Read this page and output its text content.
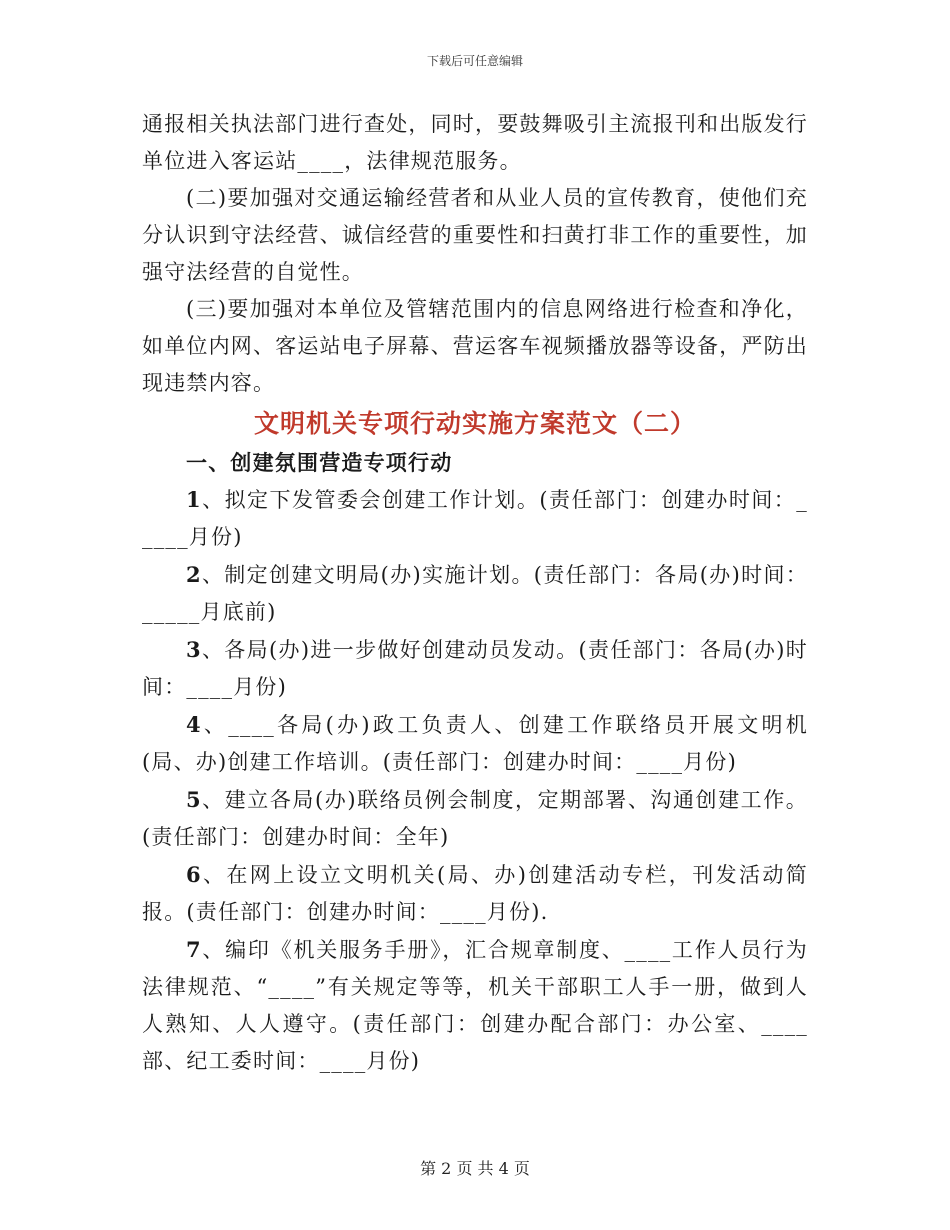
下载后可任意编辑

通报相关执法部门进行查处，同时，要鼓舞吸引主流报刊和出版发行单位进入客运站____，法律规范服务。

(二)要加强对交通运输经营者和从业人员的宣传教育，使他们充分认识到守法经营、诚信经营的重要性和扫黄打非工作的重要性，加强守法经营的自觉性。

(三)要加强对本单位及管辖范围内的信息网络进行检查和净化，如单位内网、客运站电子屏幕、营运客车视频播放器等设备，严防出现违禁内容。

文明机关专项行动实施方案范文（二）

一、创建氛围营造专项行动

1、拟定下发管委会创建工作计划。(责任部门：创建办时间：_____月份)

2、制定创建文明局(办)实施计划。(责任部门：各局(办)时间：_____月底前)

3、各局(办)进一步做好创建动员发动。(责任部门：各局(办)时间：____月份)

4、____各局(办)政工负责人、创建工作联络员开展文明机(局、办)创建工作培训。(责任部门：创建办时间：____月份)

5、建立各局(办)联络员例会制度，定期部署、沟通创建工作。(责任部门：创建办时间：全年)

6、在网上设立文明机关(局、办)创建活动专栏，刊发活动简报。(责任部门：创建办时间：____月份).

7、编印《机关服务手册》，汇合规章制度、____工作人员行为法律规范、“____”有关规定等等，机关干部职工人手一册，做到人人熟知、人人遵守。(责任部门：创建办配合部门：办公室、____部、纪工委时间：____月份)

第 2 页 共 4 页
